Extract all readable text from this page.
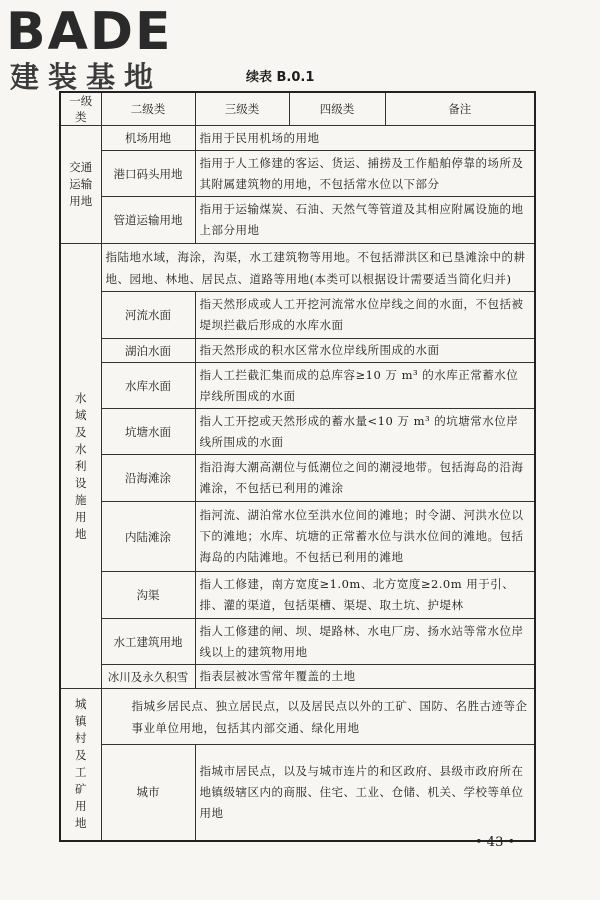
BADE
建装基地	续表 B.0.1
一级类	二级类	三级类	四级类	备注

交通运输用地	机场用地	指用于民用机场的用地		
	港口码头用地	指用于人工修建的客运、货运、捕捞及工作船舶停靠的场所及其附属建筑物的用地，不包括常水位以下部分		
	管道运输用地	指用于运输煤炭、石油、天然气等管道及其相应附属设施的地上部分用地		

水域及水利设施用地	指陆地水域，海涂，沟渠，水工建筑物等用地。不包括滞洪区和已垦滩涂中的耕地、园地、林地、居民点、道路等用地(本类可以根据设计需要适当简化归并)			
	河流水面	指天然形成或人工开挖河流常水位岸线之间的水面，不包括被堤坝拦截后形成的水库水面		
	湖泊水面	指天然形成的积水区常水位岸线所围成的水面		
	水库水面	指人工拦截汇集而成的总库容≥10 万 m³ 的水库正常蓄水位岸线所围成的水面		
	坑塘水面	指人工开挖或天然形成的蓄水量<10 万 m³ 的坑塘常水位岸线所围成的水面		
	沿海滩涂	指沿海大潮高潮位与低潮位之间的潮浸地带。包括海岛的沿海滩涂，不包括已利用的滩涂		
	内陆滩涂	指河流、湖泊常水位至洪水位间的滩地；时令湖、河洪水位以下的滩地；水库、坑塘的正常蓄水位与洪水位间的滩地。包括海岛的内陆滩地。不包括已利用的滩地		
	沟渠	指人工修建，南方宽度≥1.0m、北方宽度≥2.0m 用于引、排、灌的渠道，包括渠槽、渠堤、取土坑、护堤林		
	水工建筑用地	指人工修建的闸、坝、堤路林、水电厂房、扬水站等常水位岸线以上的建筑物用地		
	冰川及永久积雪	指表层被冰雪常年覆盖的土地		

城镇村及工矿用地	指城乡居民点、独立居民点，以及居民点以外的工矿、国防、名胜古迹等企事业单位用地，包括其内部交通、绿化用地			
	城市	指城市居民点，以及与城市连片的和区政府、县级市政府所在地镇级辖区内的商服、住宅、工业、仓储、机关、学校等单位用地		
• 43 •
